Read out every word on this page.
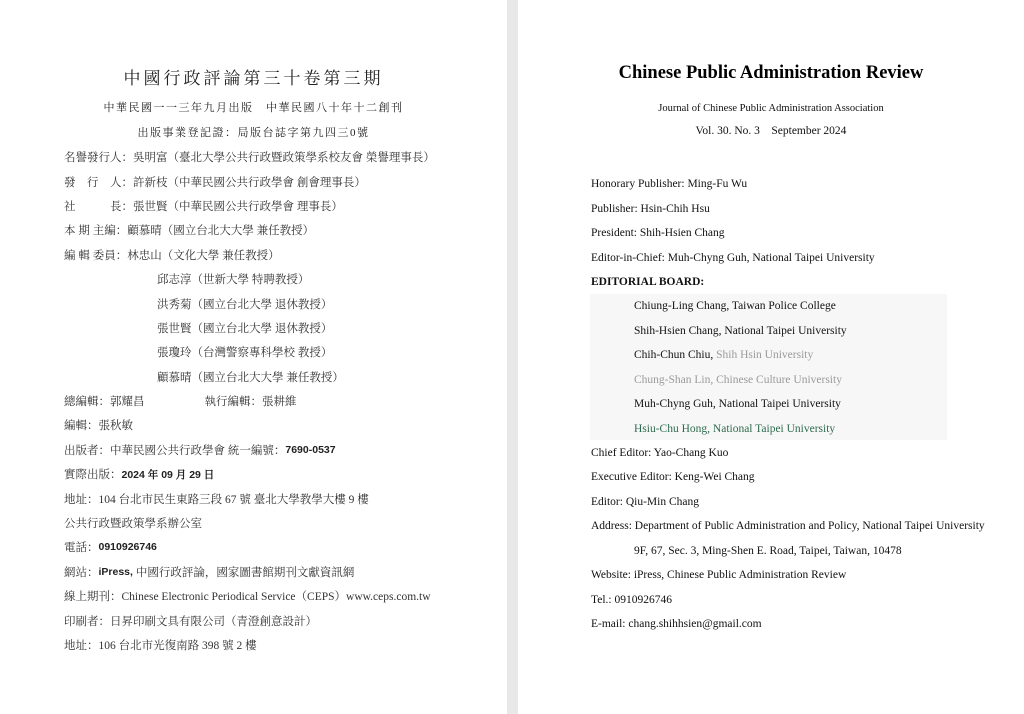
中國行政評論第三十卷第三期
中華民國一一三年九月出版　中華民國八十年十二創刊
出版事業登記證：局版台誌字第九四三0號
名譽發行人：吳明富（臺北大學公共行政暨政策學系校友會 榮譽理事長）
發　行　人：許新枝（中華民國公共行政學會 創會理事長）
社　　　長：張世賢（中華民國公共行政學會 理事長）
本 期 主編：顧慕晴（國立台北大大學 兼任教授）
編 輯 委員：林忠山（文化大學 兼任教授）
邱志淳（世新大學 特聘教授）
洪秀菊（國立台北大學 退休教授）
張世賢（國立台北大學 退休教授）
張瓊玲（台灣警察專科學校 教授）
顧慕晴（國立台北大大學 兼任教授）
總編輯：郭耀昌	執行編輯：張耕維
編輯：張秋敏
出版者：中華民國公共行政學會 統一編號： 7690-0537
實際出版： 2024 年 09 月 29 日
地址：104 台北市民生東路三段 67 號 臺北大學教學大樓 9 樓
公共行政暨政策學系辦公室
電話： 0910926746
網站： iPress, 中國行政評論，國家圖書館期刊文獻資訊網
線上期刊：Chinese Electronic Periodical Service（CEPS）www.ceps.com.tw
印刷者：日昇印刷文具有限公司（青澄創意設計）
地址：106 台北市光復南路 398 號 2 樓
Chinese Public Administration Review
Journal of Chinese Public Administration Association
Vol. 30. No. 3    September 2024
Honorary Publisher: Ming-Fu Wu
Publisher: Hsin-Chih Hsu
President: Shih-Hsien Chang
Editor-in-Chief: Muh-Chyng Guh, National Taipei University
EDITORIAL BOARD:
Chiung-Ling Chang, Taiwan Police College
Shih-Hsien Chang, National Taipei University
Chih-Chun Chiu, Shih Hsin University
Chung-Shan Lin, Chinese Culture University
Muh-Chyng Guh, National Taipei University
Hsiu-Chu Hong, National Taipei University
Chief Editor: Yao-Chang Kuo
Executive Editor: Keng-Wei Chang
Editor: Qiu-Min Chang
Address: Department of Public Administration and Policy, National Taipei University
9F, 67, Sec. 3, Ming-Shen E. Road, Taipei, Taiwan, 10478
Website: iPress, Chinese Public Administration Review
Tel.: 0910926746
E-mail: chang.shihhsien@gmail.com
